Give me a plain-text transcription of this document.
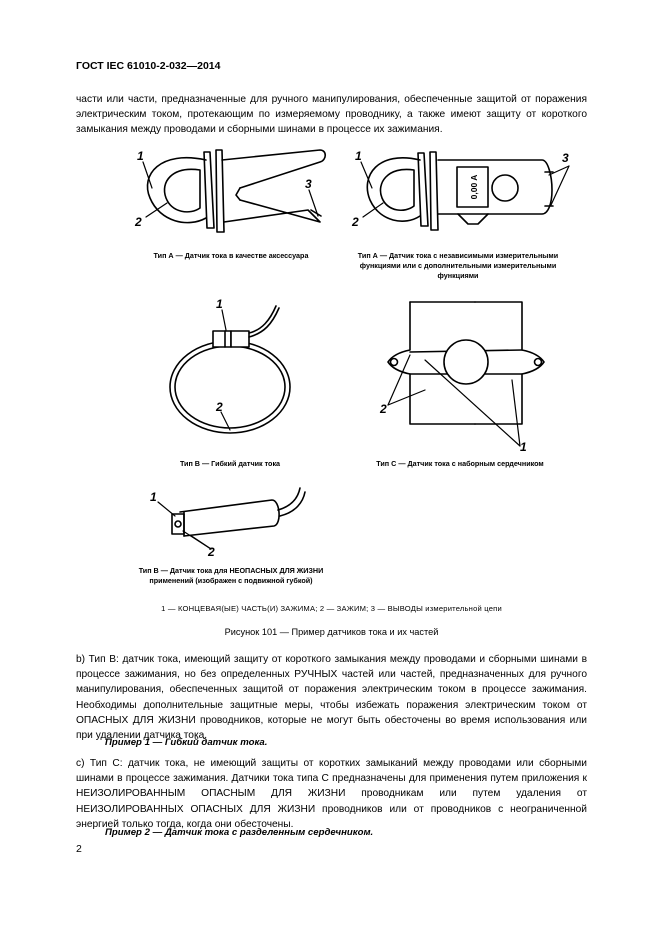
ГОСТ IEC 61010-2-032—2014
части или части, предназначенные для ручного манипулирования, обеспеченные защитой от поражения электрическим током, протекающим по измеряемому проводнику, а также имеют защиту от короткого замыкания между проводами и сборными шинами в процессе их зажимания.
1
2
3
1
2
3
1
2	2
1
1
2
0,00 A
Тип А — Датчик тока в качестве аксессуара	Тип А — Датчик тока с независимыми измерительными
функциями или с дополнительными измерительными
функциями
Тип В — Гибкий датчик тока	Тип С — Датчик тока с наборным сердечником
Тип В — Датчик тока для НЕОПАСНЫХ ДЛЯ ЖИЗНИ
применений (изображен с подвижной губкой)
1 — КОНЦЕВАЯ(ЫЕ) ЧАСТЬ(И) ЗАЖИМА; 2 — ЗАЖИМ; 3 — ВЫВОДЫ измерительной цепи
Рисунок 101 — Пример датчиков тока и их частей
b) Тип В: датчик тока, имеющий защиту от короткого замыкания между проводами и сборными шинами в процессе зажимания, но без определенных РУЧНЫХ частей или частей, предназначенных для ручного манипулирования, обеспеченных защитой от поражения электрическим током в процессе зажимания. Необходимы дополнительные защитные меры, чтобы избежать поражения электрическим током от ОПАСНЫХ ДЛЯ ЖИЗНИ проводников, которые не могут быть обесточены во время использования или при удалении датчика тока.
Пример 1 — Гибкий датчик тока.
c) Тип С: датчик тока, не имеющий защиты от коротких замыканий между проводами или сборными шинами в процессе зажимания. Датчики тока типа С предназначены для применения путем приложения к НЕИЗОЛИРОВАННЫМ ОПАСНЫМ ДЛЯ ЖИЗНИ проводникам или путем удаления от НЕИЗОЛИРОВАННЫХ ОПАСНЫХ ДЛЯ ЖИЗНИ проводников или от проводников с неограниченной энергией только тогда, когда они обесточены.
Пример 2 — Датчик тока с разделенным сердечником.
2
